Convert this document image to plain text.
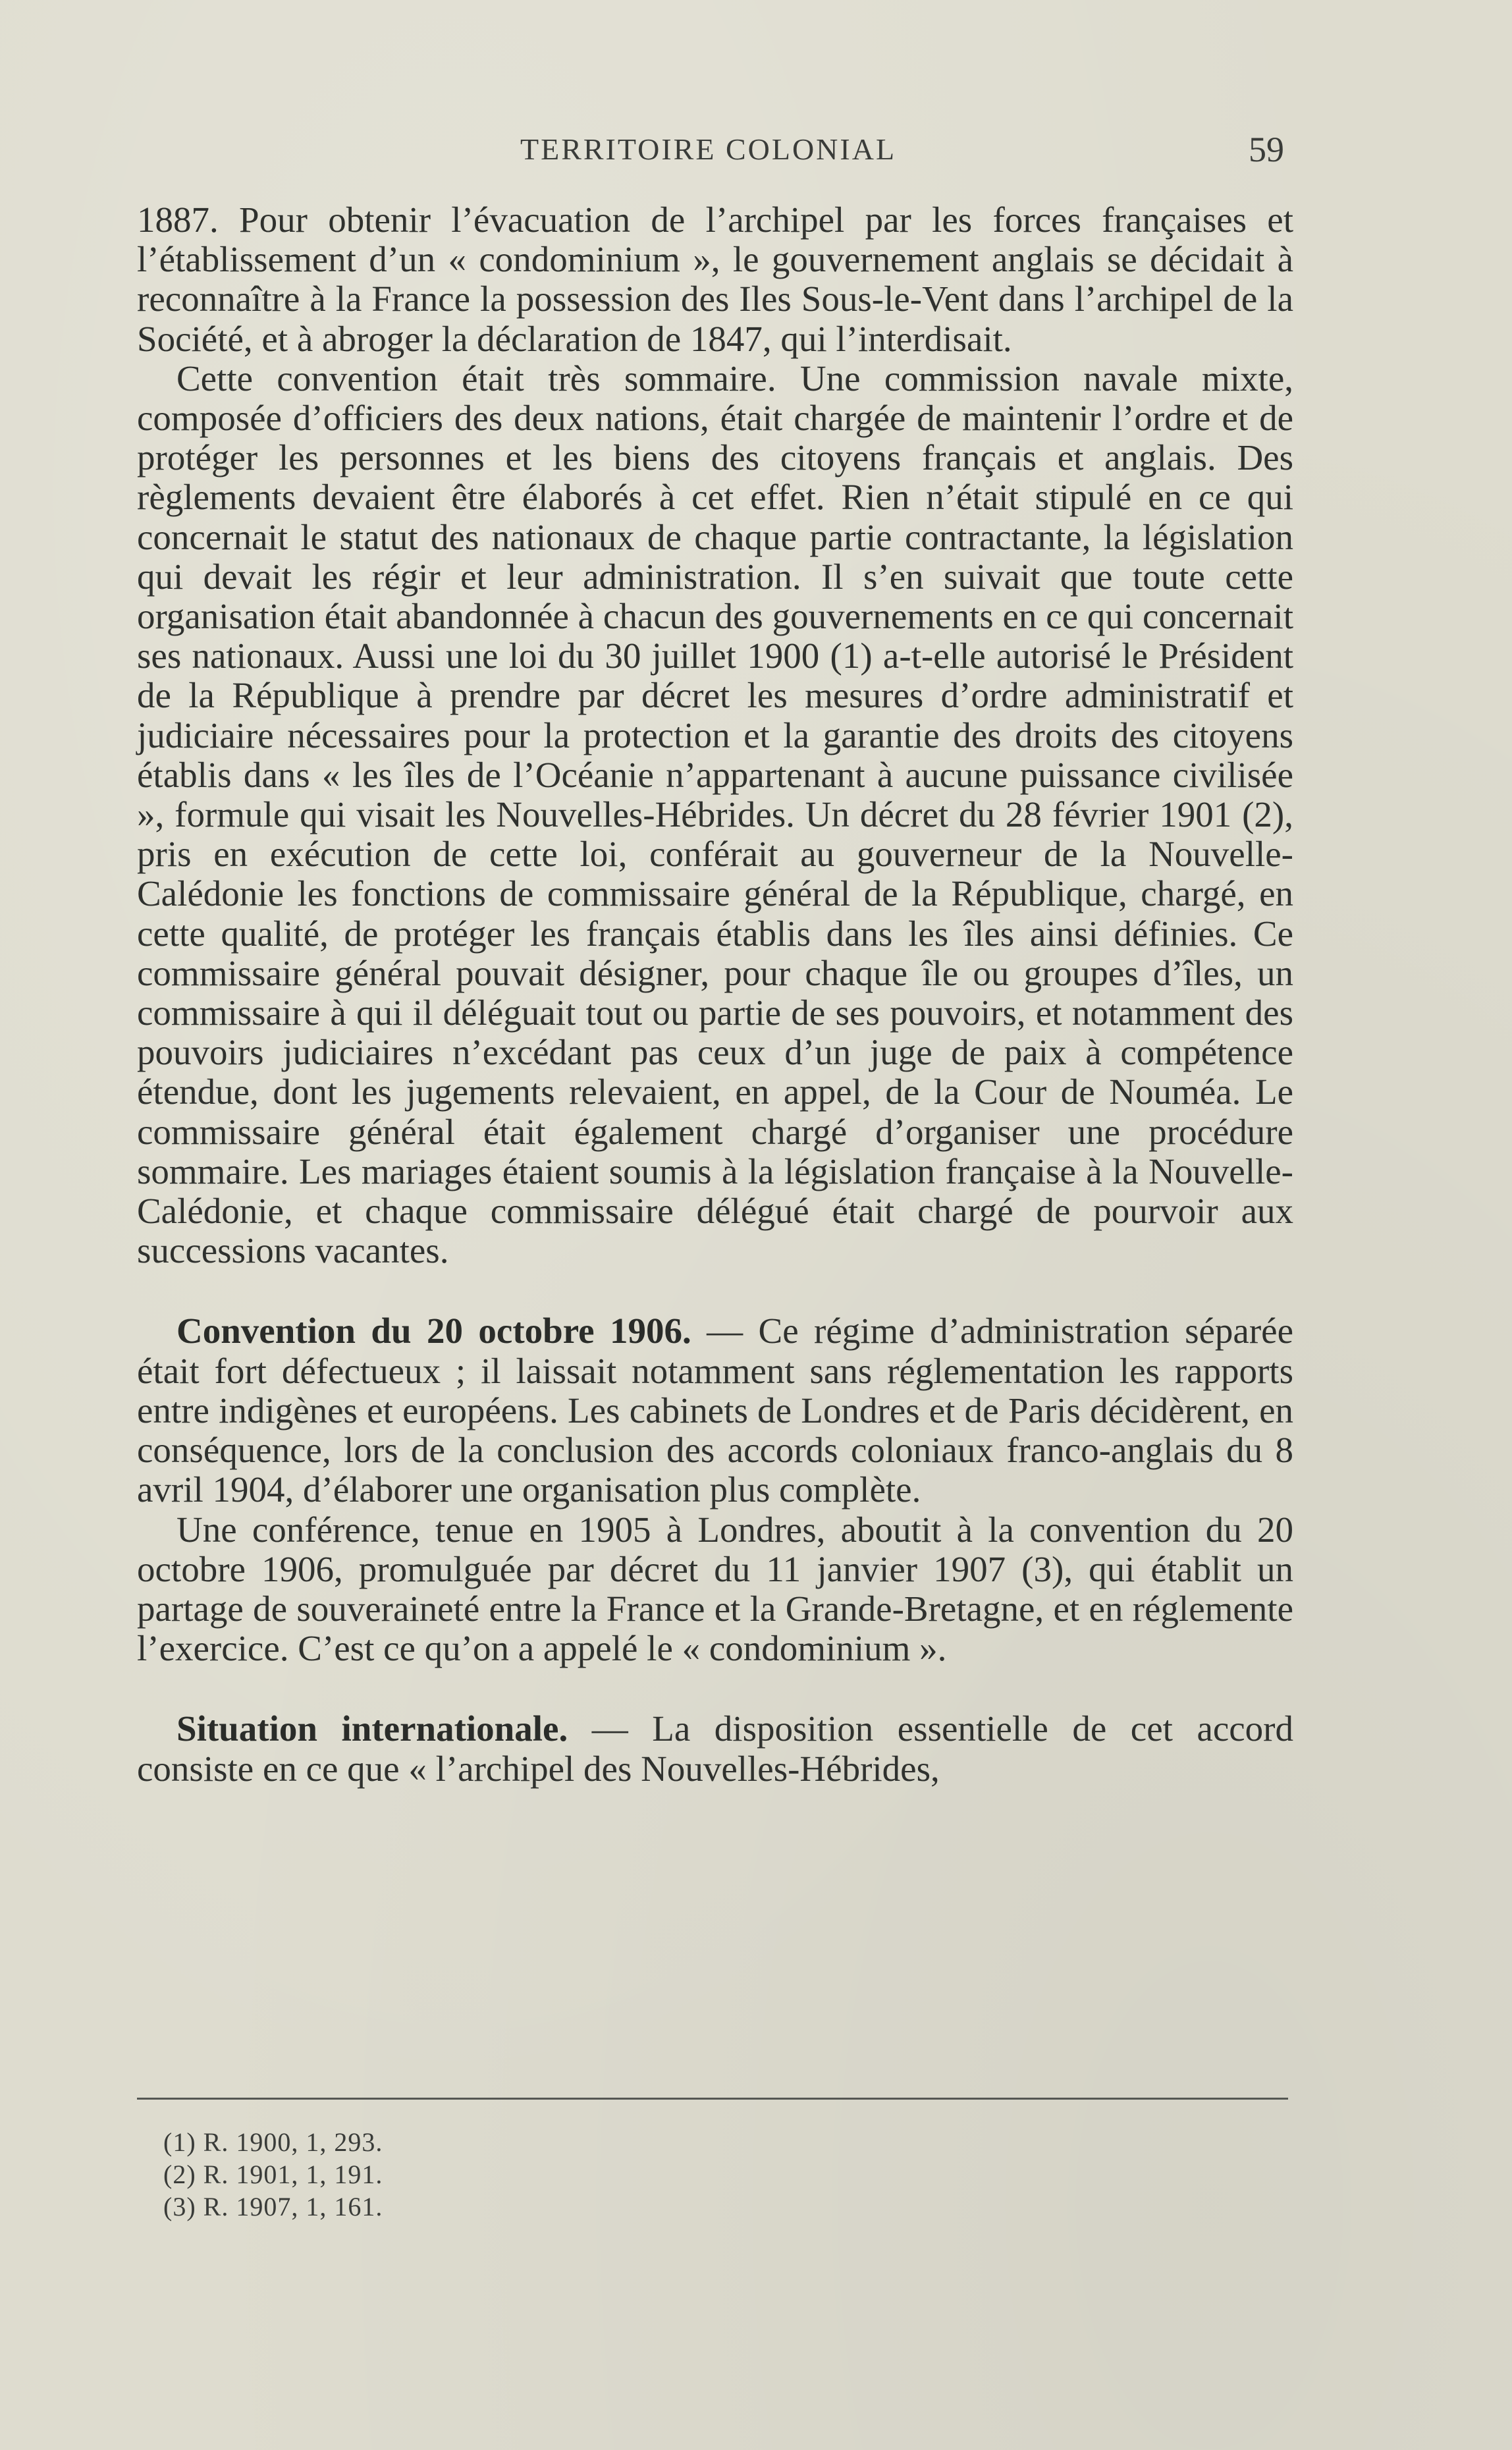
TERRITOIRE COLONIAL	59

1887. Pour obtenir l’évacuation de l’archipel par les forces françaises et l’établissement d’un « condominium », le gouvernement anglais se décidait à reconnaître à la France la possession des Iles Sous-le-Vent dans l’archipel de la Société, et à abroger la déclaration de 1847, qui l’interdisait.

Cette convention était très sommaire. Une commission navale mixte, composée d’officiers des deux nations, était chargée de maintenir l’ordre et de protéger les personnes et les biens des citoyens français et anglais. Des règlements devaient être élaborés à cet effet. Rien n’était stipulé en ce qui concernait le statut des nationaux de chaque partie contractante, la législation qui devait les régir et leur administration. Il s’en suivait que toute cette organisation était abandonnée à chacun des gouvernements en ce qui concernait ses nationaux. Aussi une loi du 30 juillet 1900 (1) a-t-elle autorisé le Président de la République à prendre par décret les mesures d’ordre administratif et judiciaire nécessaires pour la protection et la garantie des droits des citoyens établis dans « les îles de l’Océanie n’appartenant à aucune puissance civilisée », formule qui visait les Nouvelles-Hébrides. Un décret du 28 février 1901 (2), pris en exécution de cette loi, conférait au gouverneur de la Nouvelle-Calédonie les fonctions de commissaire général de la République, chargé, en cette qualité, de protéger les français établis dans les îles ainsi définies. Ce commissaire général pouvait désigner, pour chaque île ou groupes d’îles, un commissaire à qui il déléguait tout ou partie de ses pouvoirs, et notamment des pouvoirs judiciaires n’excédant pas ceux d’un juge de paix à compétence étendue, dont les jugements relevaient, en appel, de la Cour de Nouméa. Le commissaire général était également chargé d’organiser une procédure sommaire. Les mariages étaient soumis à la législation française à la Nouvelle-Calédonie, et chaque commissaire délégué était chargé de pourvoir aux successions vacantes.

Convention du 20 octobre 1906. — Ce régime d’administration séparée était fort défectueux ; il laissait notamment sans réglementation les rapports entre indigènes et européens. Les cabinets de Londres et de Paris décidèrent, en conséquence, lors de la conclusion des accords coloniaux franco-anglais du 8 avril 1904, d’élaborer une organisation plus complète.

Une conférence, tenue en 1905 à Londres, aboutit à la convention du 20 octobre 1906, promulguée par décret du 11 janvier 1907 (3), qui établit un partage de souveraineté entre la France et la Grande-Bretagne, et en réglemente l’exercice. C’est ce qu’on a appelé le « condominium ».

Situation internationale. — La disposition essentielle de cet accord consiste en ce que « l’archipel des Nouvelles-Hébrides,

(1) R. 1900, 1, 293.
(2) R. 1901, 1, 191.
(3) R. 1907, 1, 161.
